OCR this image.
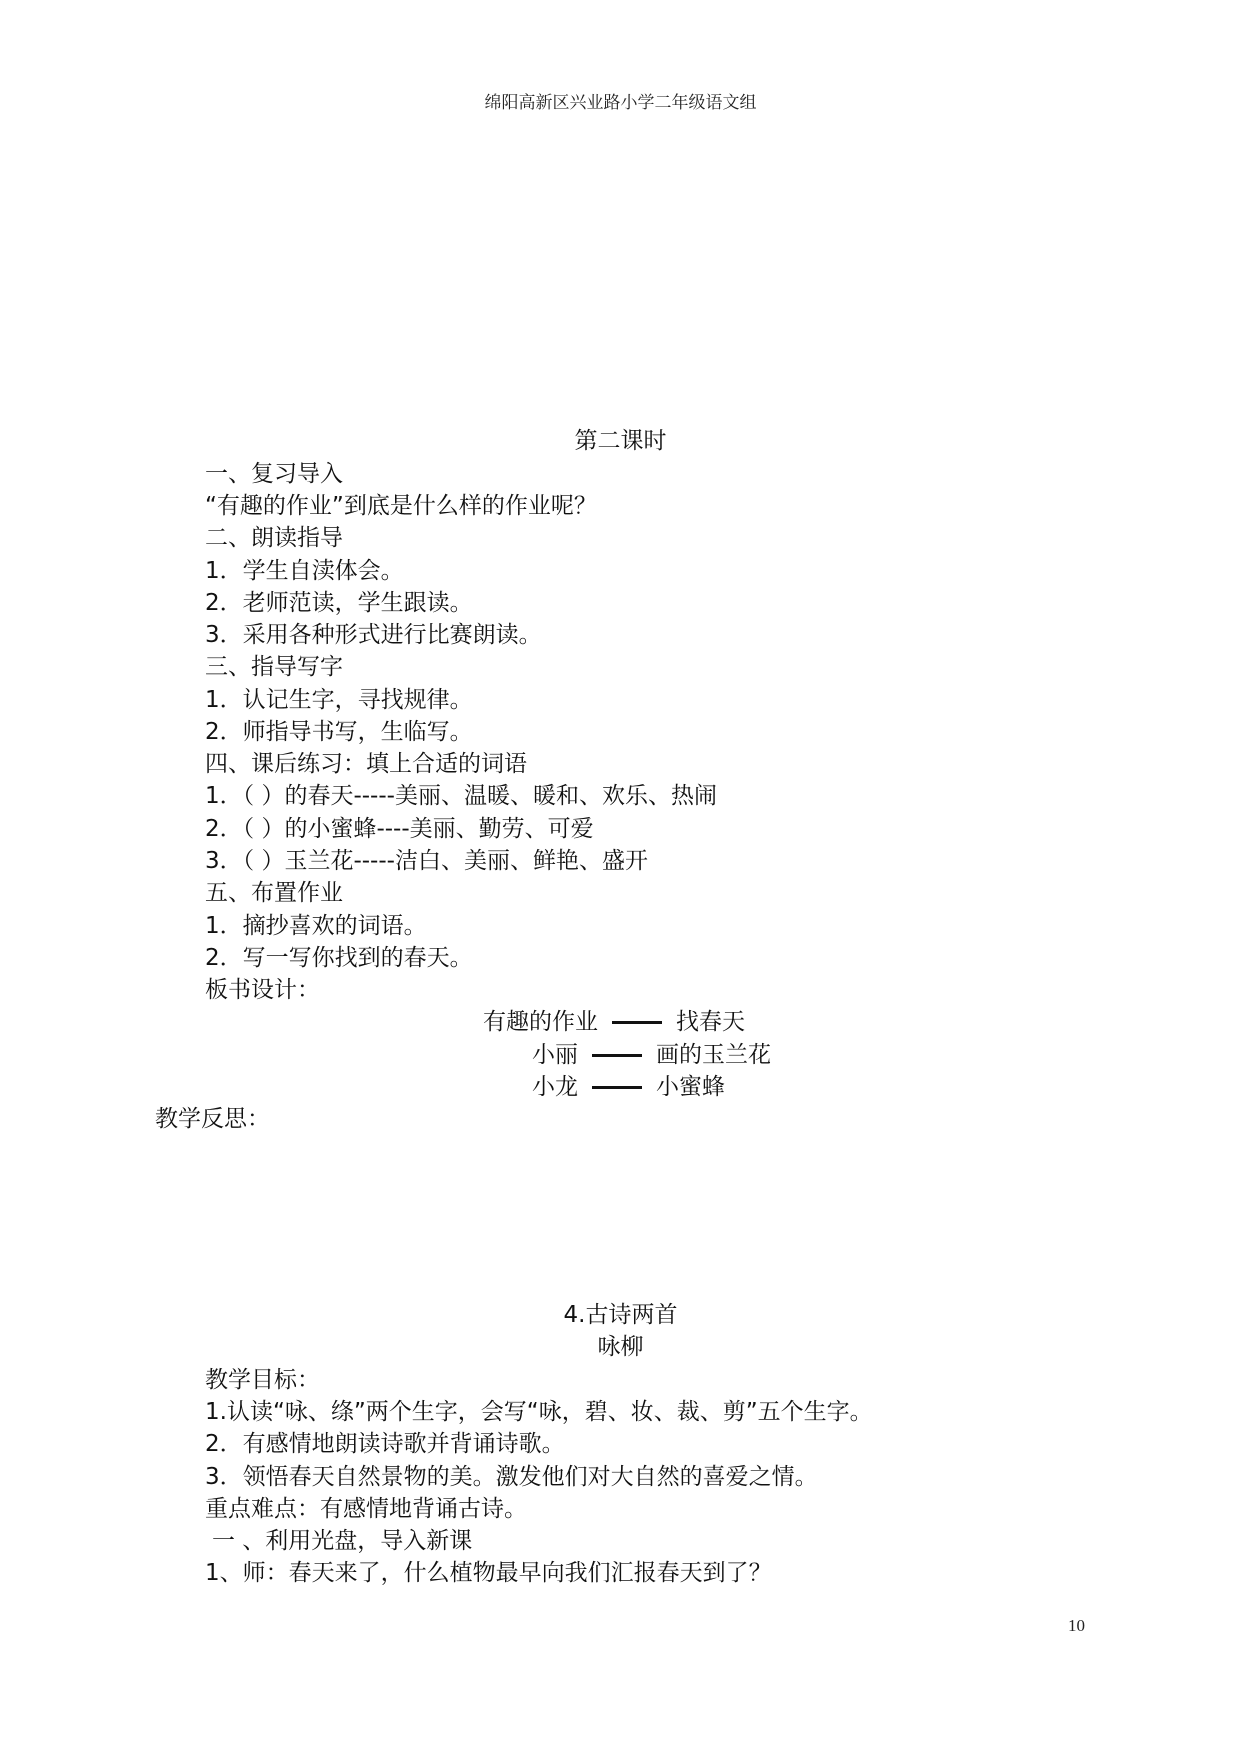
绵阳高新区兴业路小学二年级语文组
第二课时
一、复习导入
“有趣的作业”到底是什么样的作业呢？
二、朗读指导
1．学生自渎体会。
2．老师范读，学生跟读。
3．采用各种形式进行比赛朗读。
三、指导写字
1．认记生字，寻找规律。
2．师指导书写，生临写。
四、课后练习：填上合适的词语
1．（ ）的春天-----美丽、温暖、暖和、欢乐、热闹
2．（ ）的小蜜蜂----美丽、勤劳、可爱
3．（ ）玉兰花-----洁白、美丽、鲜艳、盛开
五、布置作业
1．摘抄喜欢的词语。
2．写一写你找到的春天。
板书设计：
有趣的作业	找春天
小丽	画的玉兰花
小龙	小蜜蜂
教学反思：
4.古诗两首
咏柳
教学目标：
1.认读“咏、绦”两个生字，会写“咏，碧、妆、裁、剪”五个生字。
2．有感情地朗读诗歌并背诵诗歌。
3．领悟春天自然景物的美。激发他们对大自然的喜爱之情。
重点难点：有感情地背诵古诗。
一 、利用光盘，导入新课
1、师：春天来了，什么植物最早向我们汇报春天到了？
10
